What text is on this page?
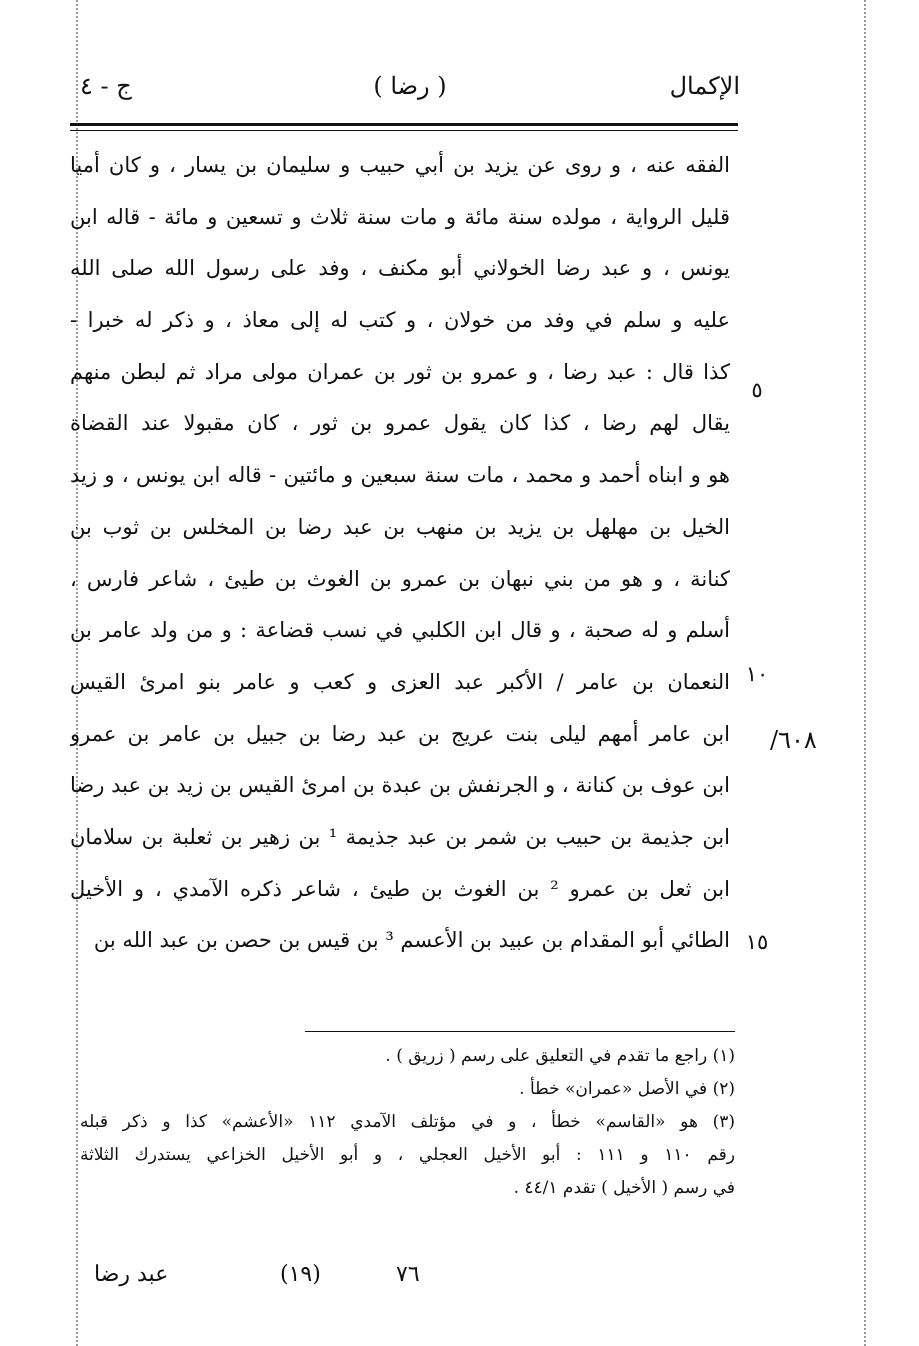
الإكمال
( رضا )
ج - ٤
الفقه عنه ، و روى عن يزيد بن أبي حبيب و سليمان بن يسار ، و كان أميا
قليل الرواية ، مولده سنة مائة و مات سنة ثلاث و تسعين و مائة - قاله ابن
يونس ، و عبد رضا الخولاني أبو مكنف ، وفد على رسول الله صلى الله
عليه و سلم في وفد من خولان ، و كتب له إلى معاذ ، و ذكر له خبرا -
كذا قال : عبد رضا ، و عمرو بن ثور بن عمران مولى مراد ثم لبطن منهم
يقال لهم رضا ، كذا كان يقول عمرو بن ثور ، كان مقبولا عند القضاة
هو و ابناه أحمد و محمد ، مات سنة سبعين و مائتين - قاله ابن يونس ، و زيد
الخيل بن مهلهل بن يزيد بن منهب بن عبد رضا بن المخلس بن ثوب بن
كنانة ، و هو من بني نبهان بن عمرو بن الغوث بن طيئ ، شاعر فارس ،
أسلم و له صحبة ، و قال ابن الكلبي في نسب قضاعة : و من ولد عامر بن
النعمان بن عامر / الأكبر عبد العزى و كعب و عامر بنو امرئ القيس
ابن عامر أمهم ليلى بنت عريج بن عبد رضا بن جبيل بن عامر بن عمرو
ابن عوف بن كنانة ، و الجرنفش بن عبدة بن امرئ القيس بن زيد بن عبد رضا
ابن جذيمة بن حبيب بن شمر بن عبد جذيمة ¹ بن زهير بن ثعلبة بن سلامان
ابن ثعل بن عمرو ² بن الغوث بن طيئ ، شاعر ذكره الآمدي ، و الأخيل
الطائي أبو المقدام بن عبيد بن الأعسم ³ بن قيس بن حصن بن عبد الله بن
٥
١٠
١٥
٦٠٨/
(١) راجع ما تقدم في التعليق على رسم ( زريق ) .
(٢) في الأصل «عمران» خطأ .
(٣) هو «القاسم» خطأ ، و في مؤتلف الآمدي ١١٢ «الأعشم» كذا و ذكر قبله
رقم ١١٠ و ١١١ : أبو الأخيل العجلي ، و أبو الأخيل الخزاعي يستدرك الثلاثة
في رسم ( الأخيل ) تقدم ٤٤/١ .
٧٦
(١٩)
عبد رضا
